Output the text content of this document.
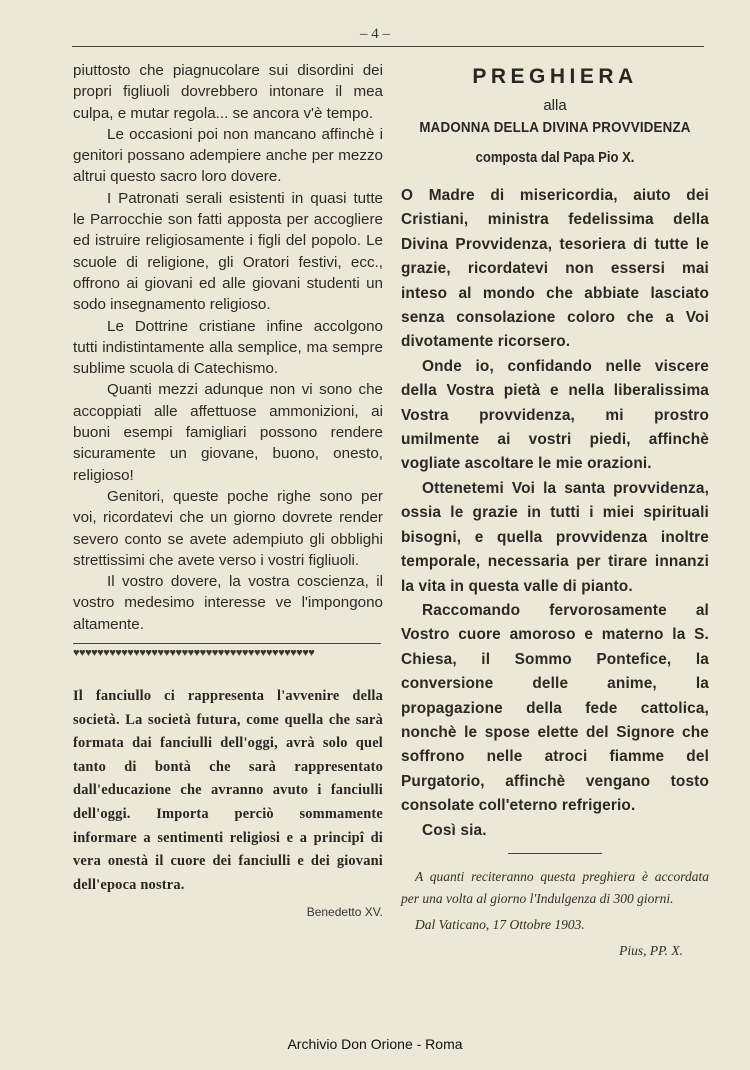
– 4 –

piuttosto che piagnucolare sui disordini dei propri figliuoli dovrebbero intonare il mea culpa, e mutar regola... se ancora v'è tempo.

Le occasioni poi non mancano affinchè i genitori possano adempiere anche per mezzo altrui questo sacro loro dovere.

I Patronati serali esistenti in quasi tutte le Parrocchie son fatti apposta per accogliere ed istruire religiosamente i figli del popolo. Le scuole di religione, gli Oratori festivi, ecc., offrono ai giovani ed alle giovani studenti un sodo insegnamento religioso.

Le Dottrine cristiane infine accolgono tutti indistintamente alla semplice, ma sempre sublime scuola di Catechismo.

Quanti mezzi adunque non vi sono che accoppiati alle affettuose ammonizioni, ai buoni esempi famigliari possono rendere sicuramente un giovane, buono, onesto, religioso!

Genitori, queste poche righe sono per voi, ricordatevi che un giorno dovrete render severo conto se avete adempiuto gli obblighi strettissimi che avete verso i vostri figliuoli.

Il vostro dovere, la vostra coscienza, il vostro medesimo interesse ve l'impongono altamente.

♥♥♥♥♥♥♥♥♥♥♥♥♥♥♥♥♥♥♥♥♥♥♥♥♥♥♥♥♥♥♥♥♥♥♥♥♥♥♥♥
Il fanciullo ci rappresenta l'avvenire della società. La società futura, come quella che sarà formata dai fanciulli dell'oggi, avrà solo quel tanto di bontà che sarà rappresentato dall'educazione che avranno avuto i fanciulli dell'oggi. Importa perciò sommamente informare a sentimenti religiosi e a principî di vera onestà il cuore dei fanciulli e dei giovani dell'epoca nostra.
Benedetto XV.
PREGHIERA
alla
MADONNA DELLA DIVINA PROVVIDENZA
composta dal Papa Pio X.

O Madre di misericordia, aiuto dei Cristiani, ministra fedelissima della Divina Provvidenza, tesoriera di tutte le grazie, ricordatevi non essersi mai inteso al mondo che abbiate lasciato senza consolazione coloro che a Voi divotamente ricorsero.

Onde io, confidando nelle viscere della Vostra pietà e nella liberalissima Vostra provvidenza, mi prostro umilmente ai vostri piedi, affinchè vogliate ascoltare le mie orazioni.

Ottenetemi Voi la santa provvidenza, ossia le grazie in tutti i miei spirituali bisogni, e quella provvidenza inoltre temporale, necessaria per tirare innanzi la vita in questa valle di pianto.

Raccomando fervorosamente al Vostro cuore amoroso e materno la S. Chiesa, il Sommo Pontefice, la conversione delle anime, la propagazione della fede cattolica, nonchè le spose elette del Signore che soffrono nelle atroci fiamme del Purgatorio, affinchè vengano tosto consolate coll'eterno refrigerio.

Così sia.

A quanti reciteranno questa preghiera è accordata per una volta al giorno l'Indulgenza di 300 giorni.
Dal Vaticano, 17 Ottobre 1903.
Pius, PP. X.
Archivio Don Orione - Roma
